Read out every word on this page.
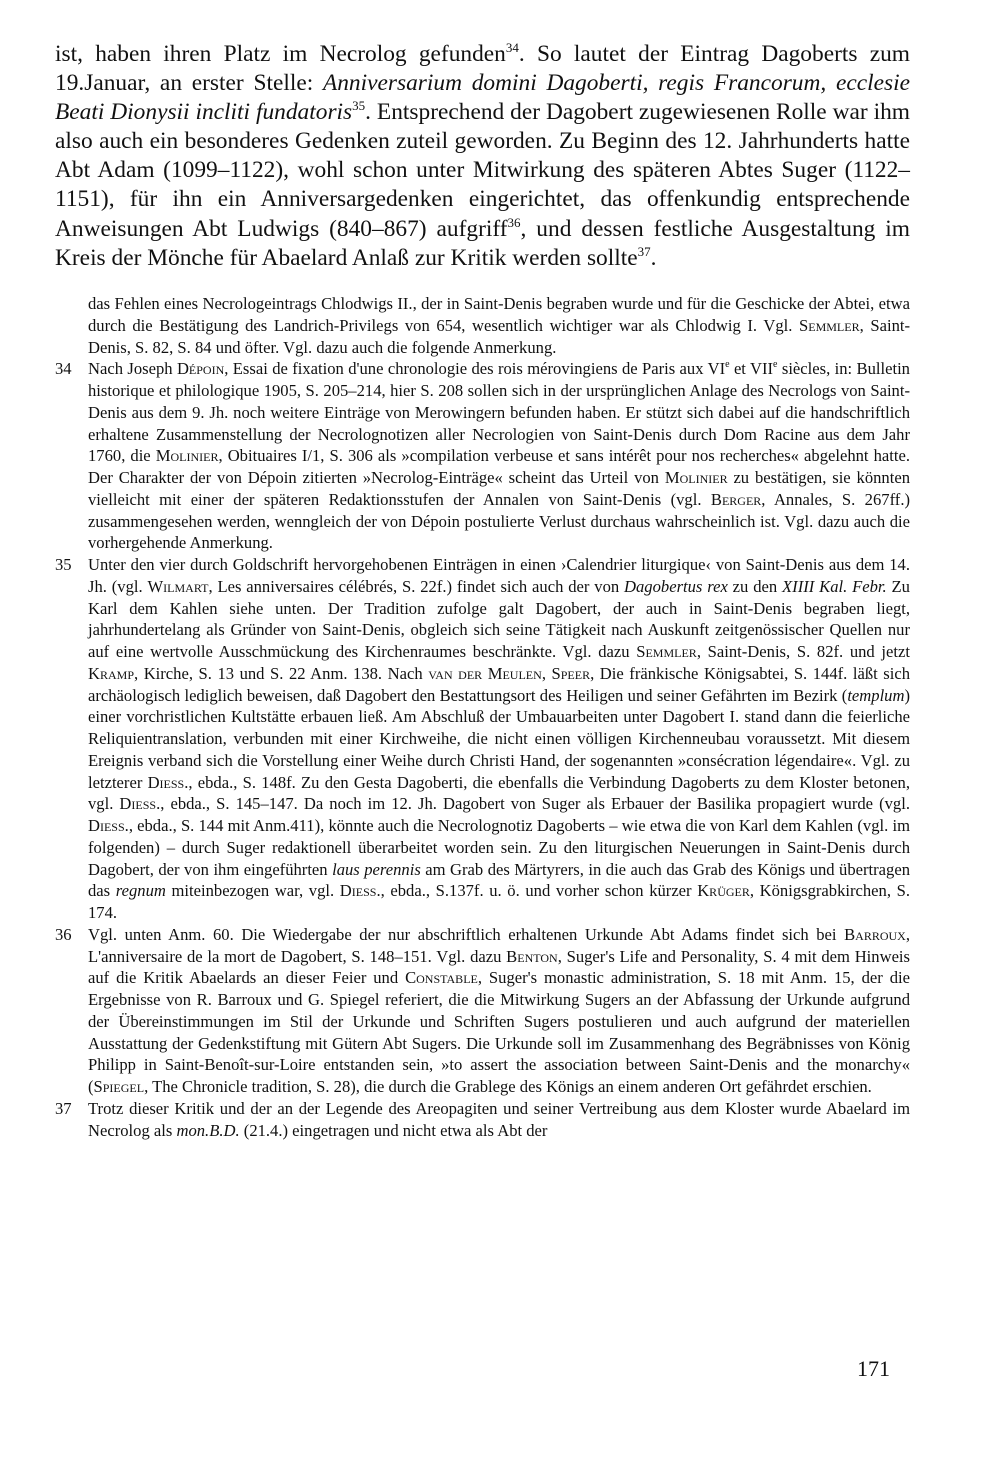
ist, haben ihren Platz im Necrolog gefunden$^{34}$. So lautet der Eintrag Dagoberts zum 19.Januar, an erster Stelle: Anniversarium domini Dagoberti, regis Francorum, ecclesie Beati Dionysii incliti fundatoris$^{35}$. Entsprechend der Dagobert zugewiesenen Rolle war ihm also auch ein besonderes Gedenken zuteil geworden. Zu Beginn des 12. Jahrhunderts hatte Abt Adam (1099–1122), wohl schon unter Mitwirkung des späteren Abtes Suger (1122–1151), für ihn ein Anniversargedenken eingerichtet, das offenkundig entsprechende Anweisungen Abt Ludwigs (840–867) aufgriff$^{36}$, und dessen festliche Ausgestaltung im Kreis der Mönche für Abaelard Anlaß zur Kritik werden sollte$^{37}$.

das Fehlen eines Necrologeintrags Chlodwigs II., der in Saint-Denis begraben wurde und für die Geschicke der Abtei, etwa durch die Bestätigung des Landrich-Privilegs von 654, wesentlich wichtiger war als Chlodwig I. Vgl. Semmler, Saint-Denis, S. 82, S. 84 und öfter. Vgl. dazu auch die folgende Anmerkung.

34 Nach Joseph Dépoin, Essai de fixation d'une chronologie des rois mérovingiens de Paris aux VIe et VIIe siècles, in: Bulletin historique et philologique 1905, S. 205–214, hier S. 208 sollen sich in der ursprünglichen Anlage des Necrologs von Saint-Denis aus dem 9. Jh. noch weitere Einträge von Merowingern befunden haben. Er stützt sich dabei auf die handschriftlich erhaltene Zusammenstellung der Necrolognotizen aller Necrologien von Saint-Denis durch Dom Racine aus dem Jahr 1760, die Molinier, Obituaires I/1, S. 306 als »compilation verbeuse et sans intérêt pour nos recherches« abgelehnt hatte. Der Charakter der von Dépoin zitierten »Necrolog-Einträge« scheint das Urteil von Molinier zu bestätigen, sie könnten vielleicht mit einer der späteren Redaktionsstufen der Annalen von Saint-Denis (vgl. Berger, Annales, S. 267ff.) zusammengesehen werden, wenngleich der von Dépoin postulierte Verlust durchaus wahrscheinlich ist. Vgl. dazu auch die vorhergehende Anmerkung.

35 Unter den vier durch Goldschrift hervorgehobenen Einträgen in einen ›Calendrier liturgique‹ von Saint-Denis aus dem 14. Jh. (vgl. Wilmart, Les anniversaires célébrés, S. 22f.) findet sich auch der von Dagobertus rex zu den XIIII Kal. Febr. Zu Karl dem Kahlen siehe unten. Der Tradition zufolge galt Dagobert, der auch in Saint-Denis begraben liegt, jahrhundertelang als Gründer von Saint-Denis, obgleich sich seine Tätigkeit nach Auskunft zeitgenössischer Quellen nur auf eine wertvolle Ausschmückung des Kirchenraumes beschränkte. Vgl. dazu Semmler, Saint-Denis, S. 82f. und jetzt Kramp, Kirche, S. 13 und S. 22 Anm. 138. Nach van der Meulen, Speer, Die fränkische Königsabtei, S. 144f. läßt sich archäologisch lediglich beweisen, daß Dagobert den Bestattungsort des Heiligen und seiner Gefährten im Bezirk (templum) einer vorchristlichen Kultstätte erbauen ließ. Am Abschluß der Umbauarbeiten unter Dagobert I. stand dann die feierliche Reliquientranslation, verbunden mit einer Kirchweihe, die nicht einen völligen Kirchenneubau voraussetzt. Mit diesem Ereignis verband sich die Vorstellung einer Weihe durch Christi Hand, der sogenannten »consécration légendaire«. Vgl. zu letzterer Diess., ebda., S. 148f. Zu den Gesta Dagoberti, die ebenfalls die Verbindung Dagoberts zu dem Kloster betonen, vgl. Diess., ebda., S. 145–147. Da noch im 12. Jh. Dagobert von Suger als Erbauer der Basilika propagiert wurde (vgl. Diess., ebda., S. 144 mit Anm.411), könnte auch die Necrolognotiz Dagoberts – wie etwa die von Karl dem Kahlen (vgl. im folgenden) – durch Suger redaktionell überarbeitet worden sein. Zu den liturgischen Neuerungen in Saint-Denis durch Dagobert, der von ihm eingeführten laus perennis am Grab des Märtyrers, in die auch das Grab des Königs und übertragen das regnum miteinbezogen war, vgl. Diess., ebda., S.137f. u. ö. und vorher schon kürzer Krüger, Königsgrabkirchen, S. 174.

36 Vgl. unten Anm. 60. Die Wiedergabe der nur abschriftlich erhaltenen Urkunde Abt Adams findet sich bei Barroux, L'anniversaire de la mort de Dagobert, S. 148–151. Vgl. dazu Benton, Suger's Life and Personality, S. 4 mit dem Hinweis auf die Kritik Abaelards an dieser Feier und Constable, Suger's monastic administration, S. 18 mit Anm. 15, der die Ergebnisse von R. Barroux und G. Spiegel referiert, die die Mitwirkung Sugers an der Abfassung der Urkunde aufgrund der Übereinstimmungen im Stil der Urkunde und Schriften Sugers postulieren und auch aufgrund der materiellen Ausstattung der Gedenkstiftung mit Gütern Abt Sugers. Die Urkunde soll im Zusammenhang des Begräbnisses von König Philipp in Saint-Benoît-sur-Loire entstanden sein, »to assert the association between Saint-Denis and the monarchy« (Spiegel, The Chronicle tradition, S. 28), die durch die Grablege des Königs an einem anderen Ort gefährdet erschien.

37 Trotz dieser Kritik und der an der Legende des Areopagiten und seiner Vertreibung aus dem Kloster wurde Abaelard im Necrolog als mon.B.D. (21.4.) eingetragen und nicht etwa als Abt der

171
